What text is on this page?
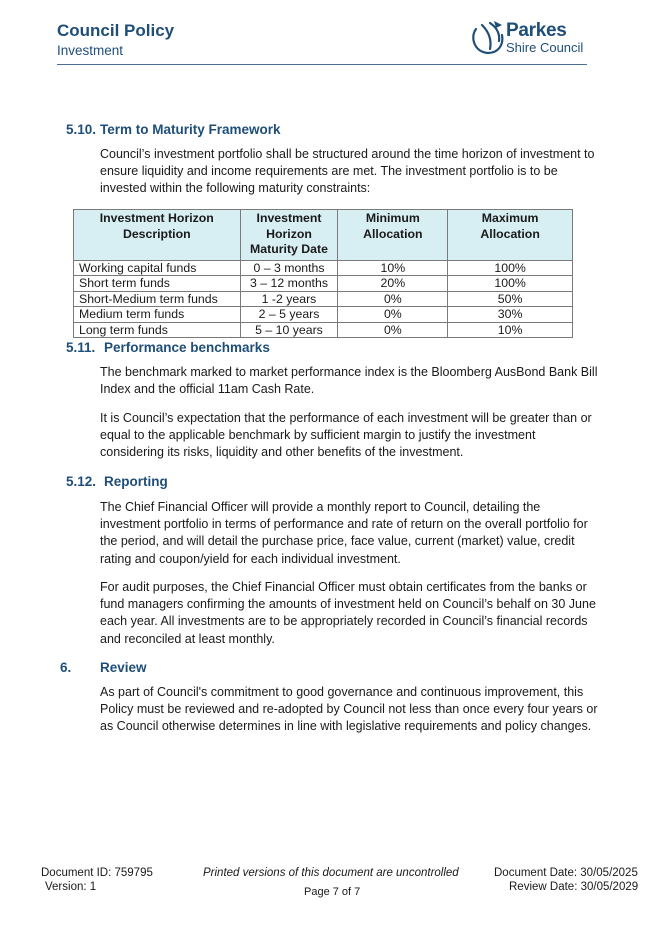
Council Policy
Investment
Parkes
Shire Council
5.10. Term to Maturity Framework
Council’s investment portfolio shall be structured around the time horizon of investment to ensure liquidity and income requirements are met. The investment portfolio is to be invested within the following maturity constraints:
Investment Horizon Description	Investment Horizon Maturity Date	Minimum Allocation	Maximum Allocation
Working capital funds	0 – 3 months	10%	100%
Short term funds	3 – 12 months	20%	100%
Short-Medium term funds	1 -2 years	0%	50%
Medium term funds	2 – 5 years	0%	30%
Long term funds	5 – 10 years	0%	10%
5.11. Performance benchmarks
The benchmark marked to market performance index is the Bloomberg AusBond Bank Bill Index and the official 11am Cash Rate.
It is Council’s expectation that the performance of each investment will be greater than or equal to the applicable benchmark by sufficient margin to justify the investment considering its risks, liquidity and other benefits of the investment.
5.12. Reporting
The Chief Financial Officer will provide a monthly report to Council, detailing the investment portfolio in terms of performance and rate of return on the overall portfolio for the period, and will detail the purchase price, face value, current (market) value, credit rating and coupon/yield for each individual investment.
For audit purposes, the Chief Financial Officer must obtain certificates from the banks or fund managers confirming the amounts of investment held on Council’s behalf on 30 June each year. All investments are to be appropriately recorded in Council’s financial records and reconciled at least monthly.
6. Review
As part of Council's commitment to good governance and continuous improvement, this Policy must be reviewed and re-adopted by Council not less than once every four years or as Council otherwise determines in line with legislative requirements and policy changes.
Document ID: 759795
Version: 1
Printed versions of this document are uncontrolled
Page 7 of 7
Document Date: 30/05/2025
Review Date: 30/05/2029
